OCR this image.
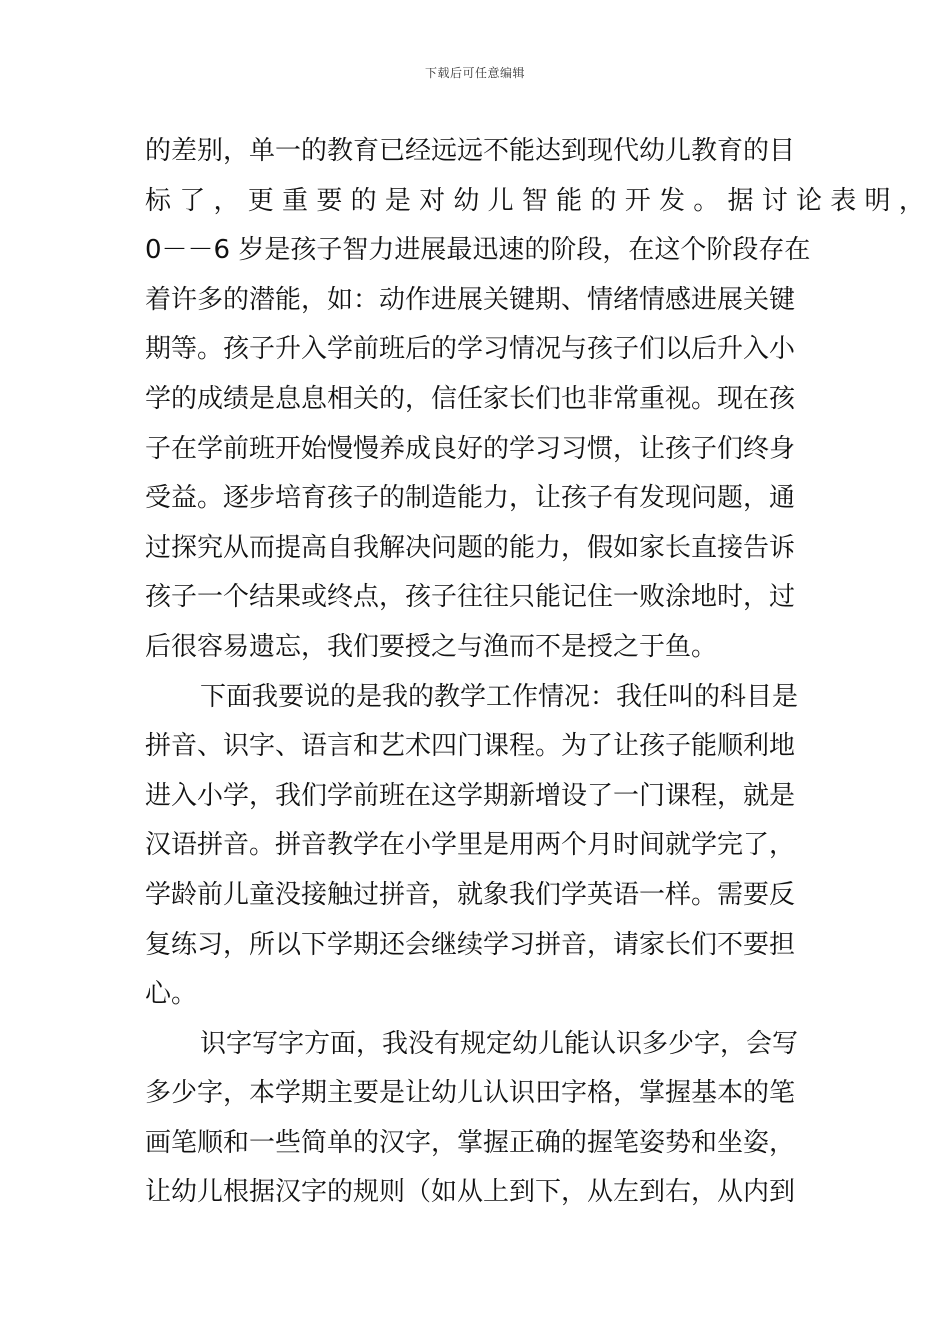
下载后可任意编辑
的差别，单一的教育已经远远不能达到现代幼儿教育的目
标 了 ， 更 重 要 的 是 对 幼 儿 智 能 的 开 发 。 据 讨 论 表 明 ，
0－－6 岁是孩子智力进展最迅速的阶段，在这个阶段存在
着许多的潜能，如：动作进展关键期、情绪情感进展关键
期等。孩子升入学前班后的学习情况与孩子们以后升入小
学的成绩是息息相关的，信任家长们也非常重视。现在孩
子在学前班开始慢慢养成良好的学习习惯，让孩子们终身
受益。逐步培育孩子的制造能力，让孩子有发现问题，通
过探究从而提高自我解决问题的能力，假如家长直接告诉
孩子一个结果或终点，孩子往往只能记住一败涂地时，过
后很容易遗忘，我们要授之与渔而不是授之于鱼。
下面我要说的是我的教学工作情况：我任叫的科目是
拼音、识字、语言和艺术四门课程。为了让孩子能顺利地
进入小学，我们学前班在这学期新增设了一门课程，就是
汉语拼音。拼音教学在小学里是用两个月时间就学完了，
学龄前儿童没接触过拼音，就象我们学英语一样。需要反
复练习，所以下学期还会继续学习拼音，请家长们不要担
心。
识字写字方面，我没有规定幼儿能认识多少字，会写
多少字，本学期主要是让幼儿认识田字格，掌握基本的笔
画笔顺和一些简单的汉字，掌握正确的握笔姿势和坐姿，
让幼儿根据汉字的规则（如从上到下，从左到右，从内到
